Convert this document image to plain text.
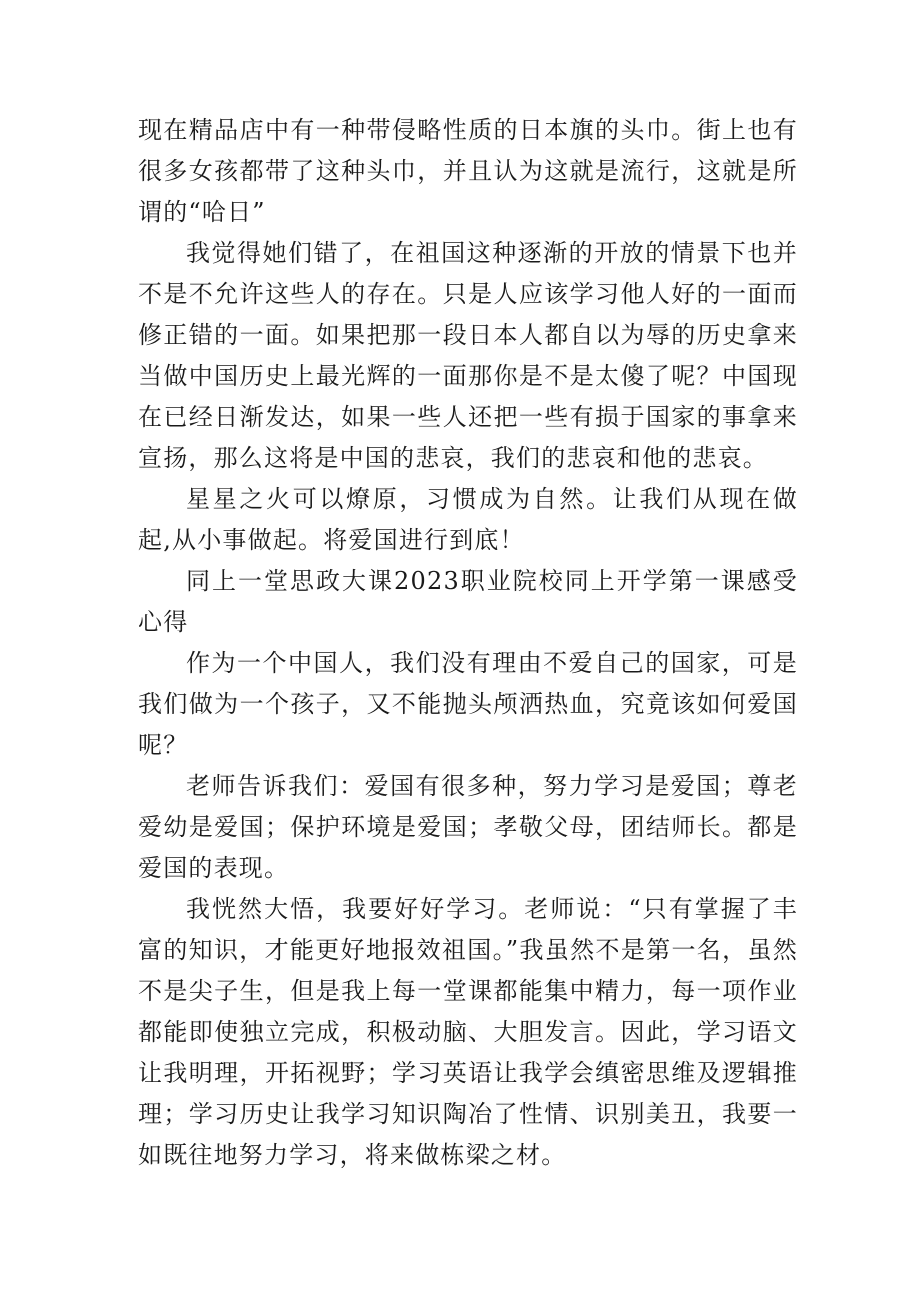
现在精品店中有一种带侵略性质的日本旗的头巾。街上也有很多女孩都带了这种头巾，并且认为这就是流行，这就是所谓的“哈日”

我觉得她们错了，在祖国这种逐渐的开放的情景下也并不是不允许这些人的存在。只是人应该学习他人好的一面而修正错的一面。如果把那一段日本人都自以为辱的历史拿来当做中国历史上最光辉的一面那你是不是太傻了呢？中国现在已经日渐发达，如果一些人还把一些有损于国家的事拿来宣扬，那么这将是中国的悲哀，我们的悲哀和他的悲哀。

星星之火可以燎原，习惯成为自然。让我们从现在做起,从小事做起。将爱国进行到底！

同上一堂思政大课2023职业院校同上开学第一课感受心得

作为一个中国人，我们没有理由不爱自己的国家，可是我们做为一个孩子，又不能抛头颅洒热血，究竟该如何爱国呢？

老师告诉我们：爱国有很多种，努力学习是爱国；尊老爱幼是爱国；保护环境是爱国；孝敬父母，团结师长。都是爱国的表现。

我恍然大悟，我要好好学习。老师说：“只有掌握了丰富的知识，才能更好地报效祖国。”我虽然不是第一名，虽然不是尖子生，但是我上每一堂课都能集中精力，每一项作业都能即使独立完成，积极动脑、大胆发言。因此，学习语文让我明理，开拓视野；学习英语让我学会缜密思维及逻辑推理；学习历史让我学习知识陶冶了性情、识别美丑，我要一如既往地努力学习，将来做栋梁之材。
